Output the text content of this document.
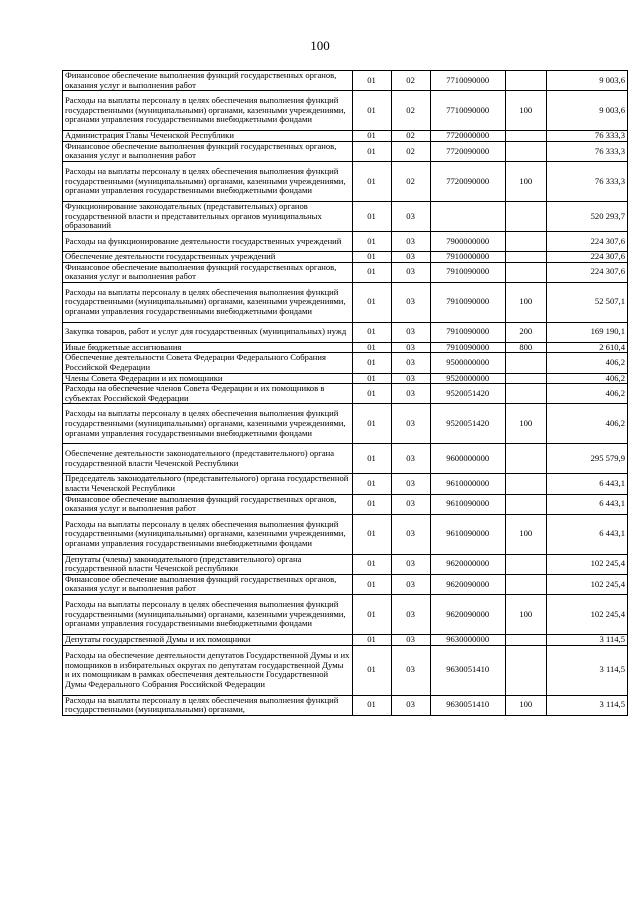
100
Финансовое обеспечение выполнения функций государственных органов, оказания услуг и выполнения работ	01	02	7710090000		9 003,6
Расходы на выплаты персоналу в целях обеспечения выполнения функций государственными (муниципальными) органами, казенными учреждениями, органами управления государственными внебюджетными фондами	01	02	7710090000	100	9 003,6
Администрация Главы Чеченской Республики	01	02	7720000000		76 333,3
Финансовое обеспечение выполнения функций государственных органов, оказания услуг и выполнения работ	01	02	7720090000		76 333,3
Расходы на выплаты персоналу в целях обеспечения выполнения функций государственными (муниципальными) органами, казенными учреждениями, органами управления государственными внебюджетными фондами	01	02	7720090000	100	76 333,3
Функционирование законодательных (представительных) органов государственной власти и представительных органов муниципальных образований	01	03			520 293,7
Расходы на функционирование деятельности государственных учреждений	01	03	7900000000		224 307,6
Обеспечение деятельности государственных учреждений	01	03	7910000000		224 307,6
Финансовое обеспечение выполнения функций государственных органов, оказания услуг и выполнения работ	01	03	7910090000		224 307,6
Расходы на выплаты персоналу в целях обеспечения выполнения функций государственными (муниципальными) органами, казенными учреждениями, органами управления государственными внебюджетными фондами	01	03	7910090000	100	52 507,1
Закупка товаров, работ и услуг для государственных (муниципальных) нужд	01	03	7910090000	200	169 190,1
Иные бюджетные ассигнования	01	03	7910090000	800	2 610,4
Обеспечение деятельности Совета Федерации Федерального Собрания Российской Федерации	01	03	9500000000		406,2
Члены Совета Федерации и их помощники	01	03	9520000000		406,2
Расходы на обеспечение членов Совета Федерации и их помощников в субъектах Российской Федерации	01	03	9520051420		406,2
Расходы на выплаты персоналу в целях обеспечения выполнения функций государственными (муниципальными) органами, казенными учреждениями, органами управления государственными внебюджетными фондами	01	03	9520051420	100	406,2
Обеспечение деятельности законодательного (представительного) органа государственной власти Чеченской Республики	01	03	9600000000		295 579,9
Председатель законодательного (представительного) органа государственной власти Чеченской Республики	01	03	9610000000		6 443,1
Финансовое обеспечение выполнения функций государственных органов, оказания услуг и выполнения работ	01	03	9610090000		6 443,1
Расходы на выплаты персоналу в целях обеспечения выполнения функций государственными (муниципальными) органами, казенными учреждениями, органами управления государственными внебюджетными фондами	01	03	9610090000	100	6 443,1
Депутаты (члены) законодательного (представительного) органа государственной власти Чеченской республики	01	03	9620000000		102 245,4
Финансовое обеспечение выполнения функций государственных органов, оказания услуг и выполнения работ	01	03	9620090000		102 245,4
Расходы на выплаты персоналу в целях обеспечения выполнения функций государственными (муниципальными) органами, казенными учреждениями, органами управления государственными внебюджетными фондами	01	03	9620090000	100	102 245,4
Депутаты государственной Думы и их помощники	01	03	9630000000		3 114,5
Расходы на обеспечение деятельности депутатов Государственной Думы и их помощников в избирательных округах по депутатам государственной Думы и их помощникам в рамках обеспечения деятельности Государственной Думы Федерального Собрания Российской Федерации	01	03	9630051410		3 114,5
Расходы на выплаты персоналу в целях обеспечения выполнения функций государственными (муниципальными) органами,	01	03	9630051410	100	3 114,5
